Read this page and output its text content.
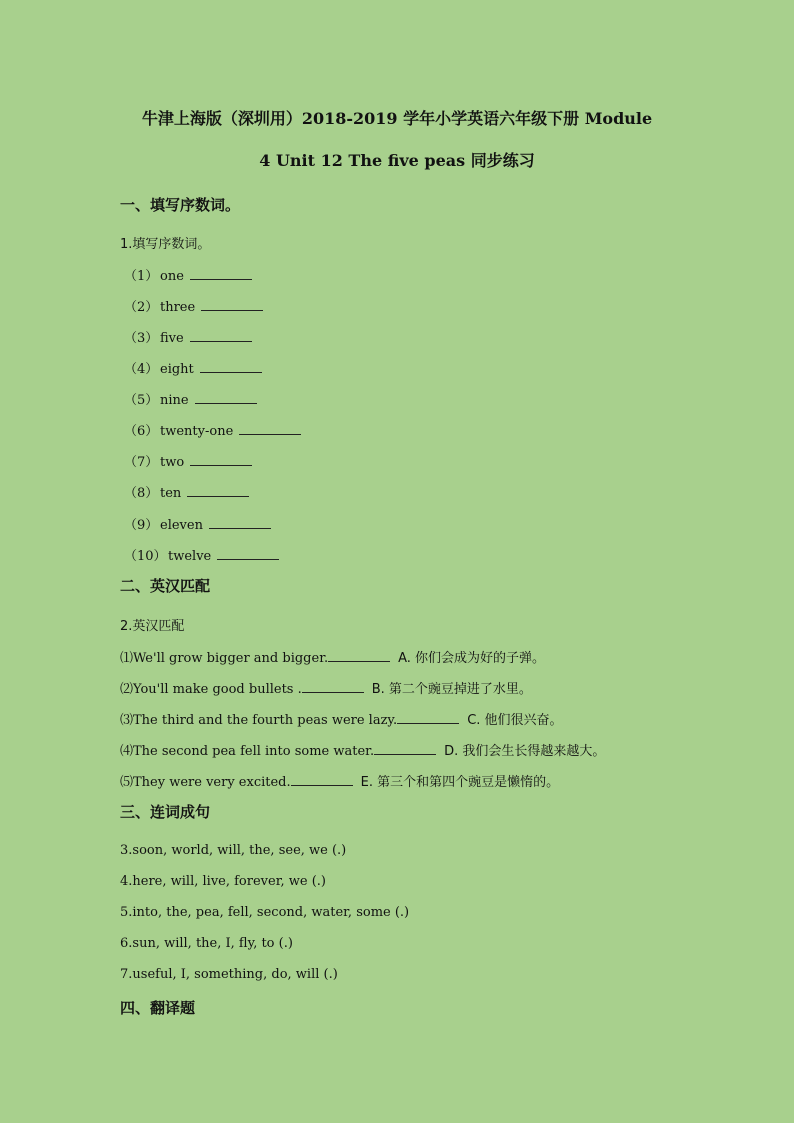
牛津上海版（深圳用）2018-2019 学年小学英语六年级下册 Module
4 Unit 12 The five peas 同步练习
一、填写序数词。
1.填写序数词。
（1） one
（2） three
（3） five
（4） eight
（5） nine
（6） twenty-one
（7） two
（8） ten
（9） eleven
（10）twelve
二、英汉匹配
2.英汉匹配
⑴We'll grow bigger and bigger.	A. 你们会成为好的子弹。
⑵You'll make good bullets .	B. 第二个豌豆掉进了水里。
⑶The third and the fourth peas were lazy.	C. 他们很兴奋。
⑷The second pea fell into some water.	D. 我们会生长得越来越大。
⑸They were very excited.	E. 第三个和第四个豌豆是懒惰的。
三、连词成句
3.soon, world, will, the, see, we (.)
4.here, will, live, forever, we (.)
5.into, the, pea, fell, second, water, some (.)
6.sun, will, the, I, fly, to (.)
7.useful, I, something, do, will (.)
四、翻译题
